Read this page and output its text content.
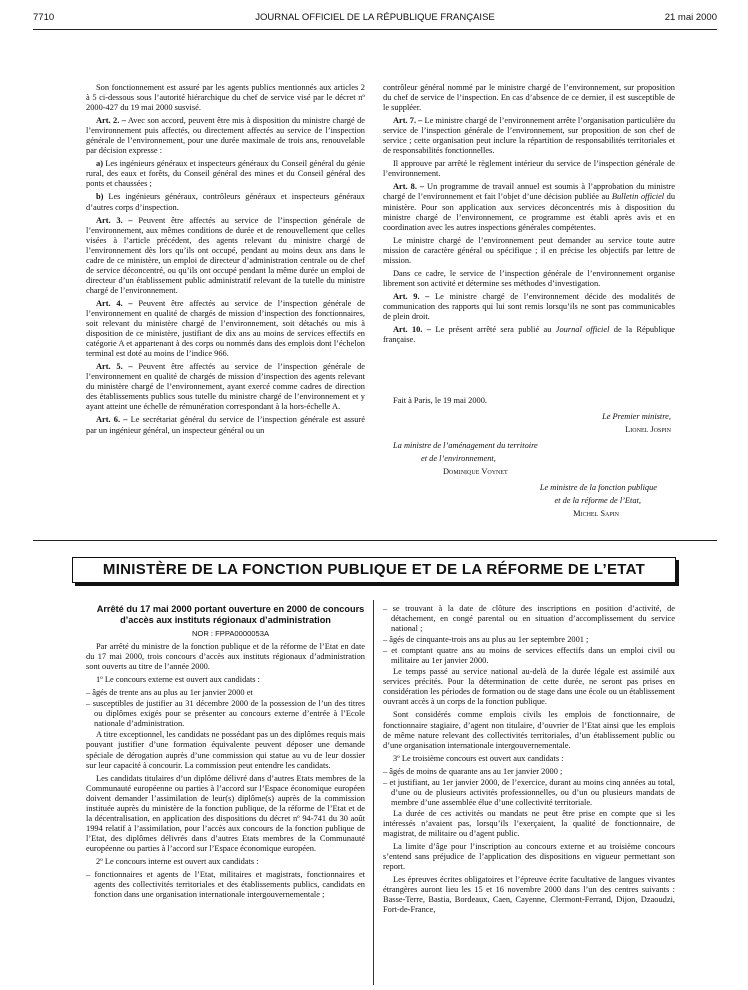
7710	JOURNAL OFFICIEL DE LA RÉPUBLIQUE FRANÇAISE	21 mai 2000

Son fonctionnement est assuré par les agents publics mentionnés aux articles 2 à 5 ci-dessous sous l’autorité hiérarchique du chef de service visé par le décret nº 2000-427 du 19 mai 2000 susvisé.

Art. 2. – Avec son accord, peuvent être mis à disposition du ministre chargé de l’environnement puis affectés, ou directement affectés au service de l’inspection générale de l’environnement, pour une durée maximale de trois ans, renouvelable par décision expresse :

a) Les ingénieurs généraux et inspecteurs généraux du Conseil général du génie rural, des eaux et forêts, du Conseil général des mines et du Conseil général des ponts et chaussées ;

b) Les ingénieurs généraux, contrôleurs généraux et inspecteurs généraux d’autres corps d’inspection.

Art. 3. – Peuvent être affectés au service de l’inspection générale de l’environnement, aux mêmes conditions de durée et de renouvellement que celles visées à l’article précédent, des agents relevant du ministre chargé de l’environnement dès lors qu’ils ont occupé, pendant au moins deux ans dans le cadre de ce ministère, un emploi de directeur d’administration centrale ou de chef de service déconcentré, ou qu’ils ont occupé pendant la même durée un emploi de directeur d’un établissement public administratif relevant de la tutelle du ministre chargé de l’environnement.

Art. 4. – Peuvent être affectés au service de l’inspection générale de l’environnement en qualité de chargés de mission d’inspection des fonctionnaires, soit relevant du ministère chargé de l’environnement, soit détachés ou mis à disposition de ce ministère, justifiant de dix ans au moins de services effectifs en catégorie A et appartenant à des corps ou nommés dans des emplois dont l’échelon terminal est doté au moins de l’indice 966.

Art. 5. – Peuvent être affectés au service de l’inspection générale de l’environnement en qualité de chargés de mission d’inspection des agents relevant du ministère chargé de l’environnement, ayant exercé comme cadres de direction des établissements publics sous tutelle du ministre chargé de l’environnement et y ayant atteint une échelle de rémunération correspondant à la hors-échelle A.

Art. 6. – Le secrétariat général du service de l’inspection générale est assuré par un ingénieur général, un inspecteur général ou un

contrôleur général nommé par le ministre chargé de l’environnement, sur proposition du chef de service de l’inspection. En cas d’absence de ce dernier, il est susceptible de le suppléer.

Art. 7. – Le ministre chargé de l’environnement arrête l’organisation particulière du service de l’inspection générale de l’environnement, sur proposition de son chef de service ; cette organisation peut inclure la répartition de responsabilités territoriales et de responsabilités fonctionnelles.

Il approuve par arrêté le règlement intérieur du service de l’inspection générale de l’environnement.

Art. 8. – Un programme de travail annuel est soumis à l’approbation du ministre chargé de l’environnement et fait l’objet d’une décision publiée au Bulletin officiel du ministère. Pour son application aux services déconcentrés mis à disposition du ministre chargé de l’environnement, ce programme est établi après avis et en coordination avec les autres inspections générales compétentes.

Le ministre chargé de l’environnement peut demander au service toute autre mission de caractère général ou spécifique ; il en précise les objectifs par lettre de mission.

Dans ce cadre, le service de l’inspection générale de l’environnement organise librement son activité et détermine ses méthodes d’investigation.

Art. 9. – Le ministre chargé de l’environnement décide des modalités de communication des rapports qui lui sont remis lorsqu’ils ne sont pas communicables de plein droit.

Art. 10. – Le présent arrêté sera publié au Journal officiel de la République française.

Fait à Paris, le 19 mai 2000.

Le Premier ministre,

Lionel Jospin

La ministre de l’aménagement du territoire

et de l’environnement,

Dominique Voynet

Le ministre de la fonction publique

et de la réforme de l’Etat,

Michel Sapin

MINISTÈRE DE LA FONCTION PUBLIQUE ET DE LA RÉFORME DE L’ETAT

Arrêté du 17 mai 2000 portant ouverture en 2000 de concours d’accès aux instituts régionaux d’administration

NOR : FPPA0000053A

Par arrêté du ministre de la fonction publique et de la réforme de l’Etat en date du 17 mai 2000, trois concours d’accès aux instituts régionaux d’administration sont ouverts au titre de l’année 2000.

1º Le concours externe est ouvert aux candidats :

– âgés de trente ans au plus au 1er janvier 2000 et

– susceptibles de justifier au 31 décembre 2000 de la possession de l’un des titres ou diplômes exigés pour se présenter au concours externe d’entrée à l’Ecole nationale d’administration.

A titre exceptionnel, les candidats ne possédant pas un des diplômes requis mais pouvant justifier d’une formation équivalente peuvent déposer une demande spéciale de dérogation auprès d’une commission qui statue au vu de leur dossier sur leur capacité à concourir. La commission peut entendre les candidats.

Les candidats titulaires d’un diplôme délivré dans d’autres Etats membres de la Communauté européenne ou parties à l’accord sur l’Espace économique européen doivent demander l’assimilation de leur(s) diplôme(s) auprès de la commission instituée auprès du ministère de la fonction publique, de la réforme de l’Etat et de la décentralisation, en application des dispositions du décret nº 94-741 du 30 août 1994 relatif à l’assimilation, pour l’accès aux concours de la fonction publique de l’Etat, des diplômes délivrés dans d’autres Etats membres de la Communauté européenne ou parties à l’accord sur l’Espace économique européen.

2º Le concours interne est ouvert aux candidats :

– fonctionnaires et agents de l’Etat, militaires et magistrats, fonctionnaires et agents des collectivités territoriales et des établissements publics, candidats en fonction dans une organisation internationale intergouvernementale ;

– se trouvant à la date de clôture des inscriptions en position d’activité, de détachement, en congé parental ou en situation d’accomplissement du service national ;

– âgés de cinquante-trois ans au plus au 1er septembre 2001 ;

– et comptant quatre ans au moins de services effectifs dans un emploi civil ou militaire au 1er janvier 2000.

Le temps passé au service national au-delà de la durée légale est assimilé aux services précités. Pour la détermination de cette durée, ne seront pas prises en considération les périodes de formation ou de stage dans une école ou un établissement ouvrant accès à un corps de la fonction publique.

Sont considérés comme emplois civils les emplois de fonctionnaire, de fonctionnaire stagiaire, d’agent non titulaire, d’ouvrier de l’Etat ainsi que les emplois de même nature relevant des collectivités territoriales, d’un établissement public ou d’une organisation internationale intergouvernementale.

3º Le troisième concours est ouvert aux candidats :

– âgés de moins de quarante ans au 1er janvier 2000 ;

– et justifiant, au 1er janvier 2000, de l’exercice, durant au moins cinq années au total, d’une ou de plusieurs activités professionnelles, ou d’un ou plusieurs mandats de membre d’une assemblée élue d’une collectivité territoriale.

La durée de ces activités ou mandats ne peut être prise en compte que si les intéressés n’avaient pas, lorsqu’ils l’exerçaient, la qualité de fonctionnaire, de magistrat, de militaire ou d’agent public.

La limite d’âge pour l’inscription au concours externe et au troisième concours s’entend sans préjudice de l’application des dispositions en vigueur permettant son report.

Les épreuves écrites obligatoires et l’épreuve écrite facultative de langues vivantes étrangères auront lieu les 15 et 16 novembre 2000 dans l’un des centres suivants : Basse-Terre, Bastia, Bordeaux, Caen, Cayenne, Clermont-Ferrand, Dijon, Dzaoudzi, Fort-de-France,
